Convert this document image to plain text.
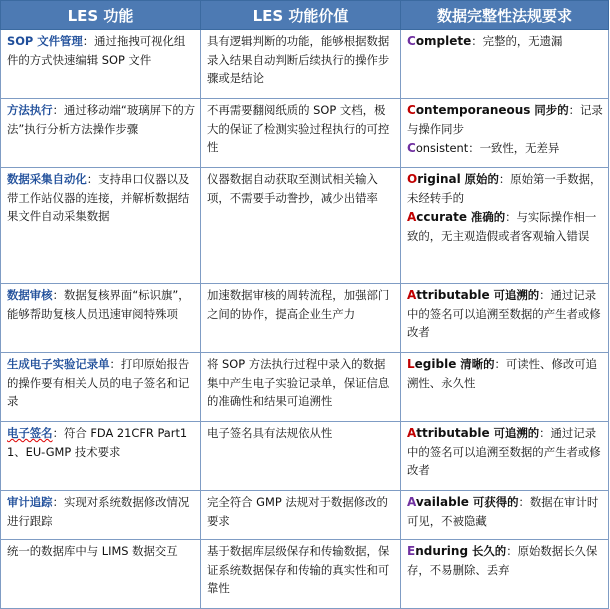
LES 功能	LES 功能价值	数据完整性法规要求
SOP 文件管理：通过拖拽可视化组件的方式快速编辑 SOP 文件	具有逻辑判断的功能，能够根据数据录入结果自动判断后续执行的操作步骤或是结论	Complete：完整的，无遗漏

方法执行：通过移动端“玻璃屏下的方法”执行分析方法操作步骤	不再需要翻阅纸质的 SOP 文档，极大的保证了检测实验过程执行的可控性	Contemporaneous 同步的：记录与操作同步
Consistent：一致性，无差异

数据采集自动化：支持串口仪器以及带工作站仪器的连接，并解析数据结果文件自动采集数据	仪器数据自动获取至测试相关输入项，不需要手动誊抄，减少出错率	Original 原始的：原始第一手数据，未经转手的
Accurate 准确的：与实际操作相一致的，无主观造假或者客观输入错误

数据审核：数据复核界面“标识旗”，能够帮助复核人员迅速审阅特殊项	加速数据审核的周转流程，加强部门之间的协作，提高企业生产力	Attributable 可追溯的：通过记录中的签名可以追溯至数据的产生者或修改者

生成电子实验记录单：打印原始报告的操作要有相关人员的电子签名和记录	将 SOP 方法执行过程中录入的数据集中产生电子实验记录单，保证信息的准确性和结果可追溯性	Legible 清晰的：可读性、修改可追溯性、永久性

电子签名：符合 FDA 21CFR Part11、EU-GMP 技术要求	电子签名具有法规依从性	Attributable 可追溯的：通过记录中的签名可以追溯至数据的产生者或修改者

审计追踪：实现对系统数据修改情况进行跟踪	完全符合 GMP 法规对于数据修改的要求	Available 可获得的：数据在审计时可见，不被隐藏

统一的数据库中与 LIMS 数据交互	基于数据库层级保存和传输数据，保证系统数据保存和传输的真实性和可靠性	Enduring 长久的：原始数据长久保存，不易删除、丢弃
